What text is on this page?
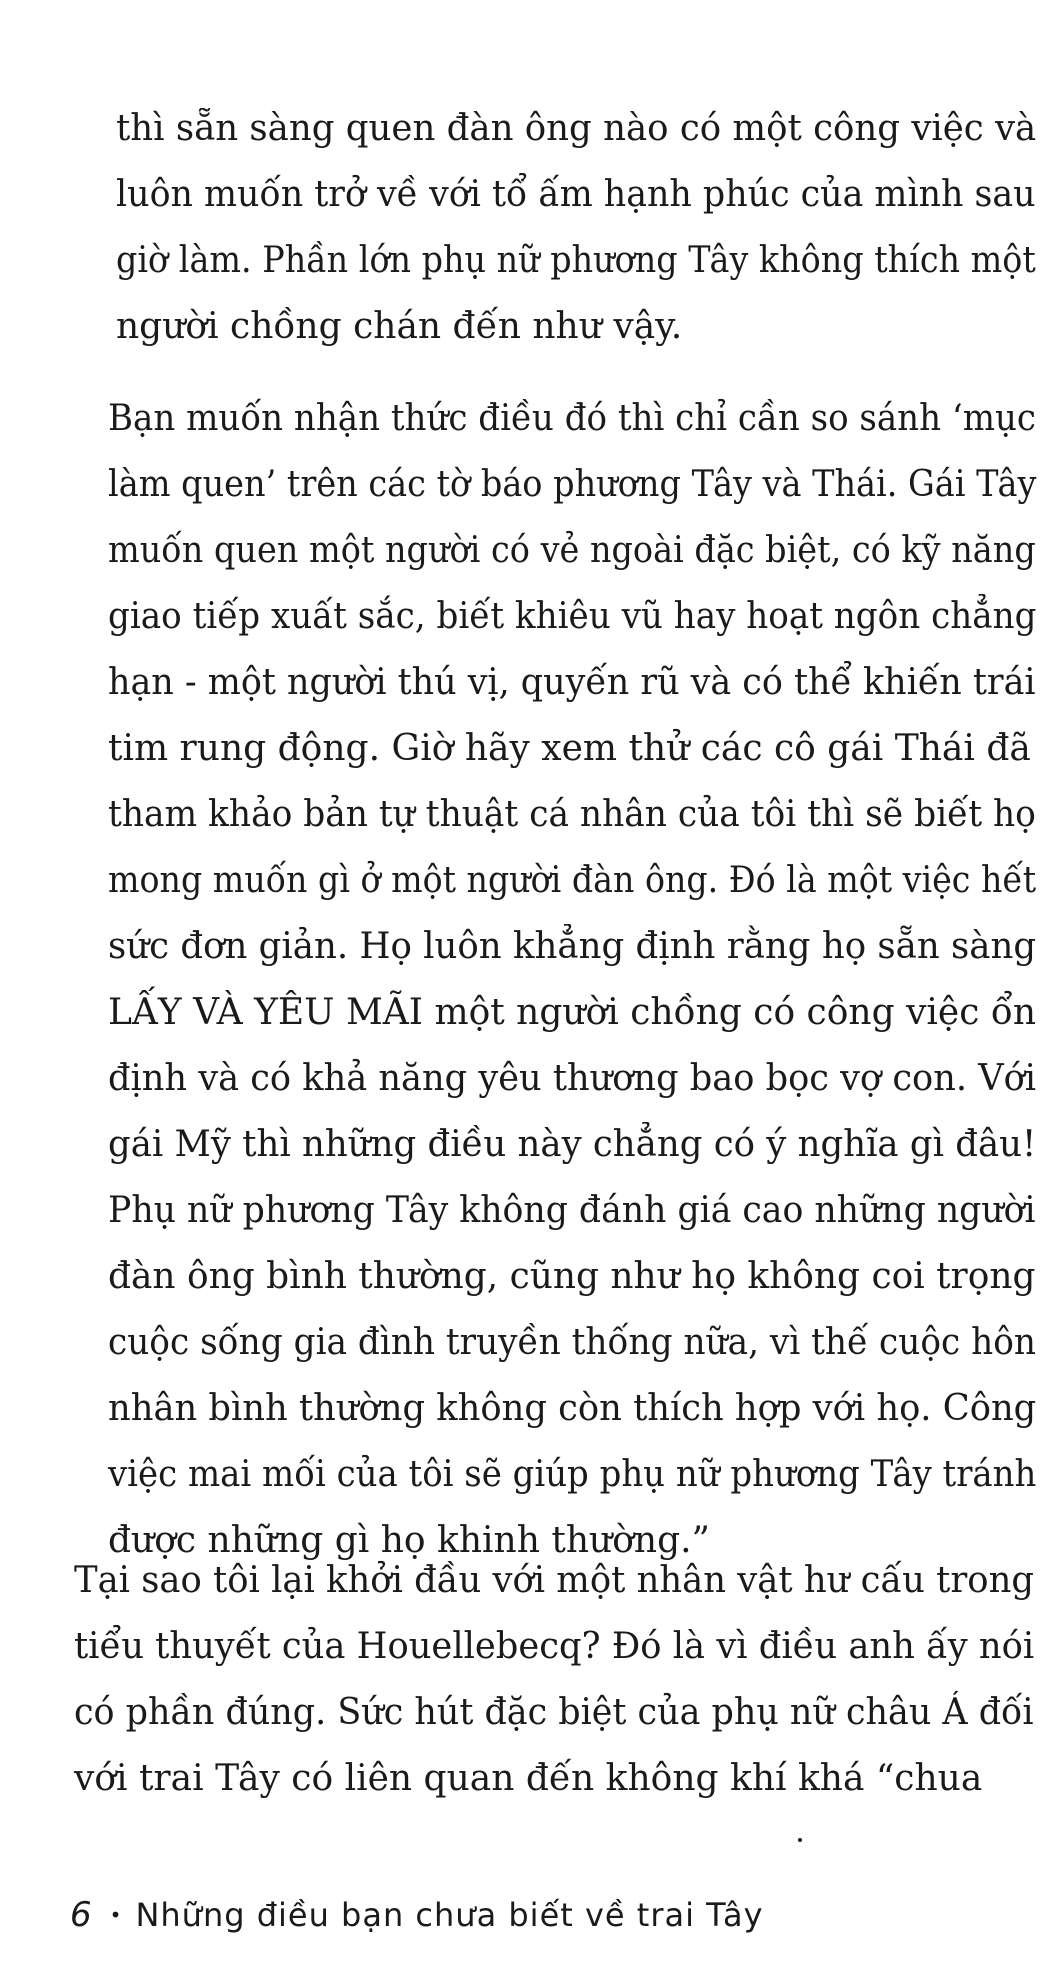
thì sẵn sàng quen đàn ông nào có một công việc và
luôn muốn trở về với tổ ấm hạnh phúc của mình sau
giờ làm. Phần lớn phụ nữ phương Tây không thích một
người chồng chán đến như vậy.

Bạn muốn nhận thức điều đó thì chỉ cần so sánh ‘mục
làm quen’ trên các tờ báo phương Tây và Thái. Gái Tây
muốn quen một người có vẻ ngoài đặc biệt, có kỹ năng
giao tiếp xuất sắc, biết khiêu vũ hay hoạt ngôn chẳng
hạn - một người thú vị, quyến rũ và có thể khiến trái
tim rung động. Giờ hãy xem thử các cô gái Thái đã
tham khảo bản tự thuật cá nhân của tôi thì sẽ biết họ
mong muốn gì ở một người đàn ông. Đó là một việc hết
sức đơn giản. Họ luôn khẳng định rằng họ sẵn sàng
LẤY VÀ YÊU MÃI một người chồng có công việc ổn
định và có khả năng yêu thương bao bọc vợ con. Với
gái Mỹ thì những điều này chẳng có ý nghĩa gì đâu!
Phụ nữ phương Tây không đánh giá cao những người
đàn ông bình thường, cũng như họ không coi trọng
cuộc sống gia đình truyền thống nữa, vì thế cuộc hôn
nhân bình thường không còn thích hợp với họ. Công
việc mai mối của tôi sẽ giúp phụ nữ phương Tây tránh
được những gì họ khinh thường.”

Tại sao tôi lại khởi đầu với một nhân vật hư cấu trong
tiểu thuyết của Houellebecq? Đó là vì điều anh ấy nói
có phần đúng. Sức hút đặc biệt của phụ nữ châu Á đối
với trai Tây có liên quan đến không khí khá “chua

6 • Những điều bạn chưa biết về trai Tây
